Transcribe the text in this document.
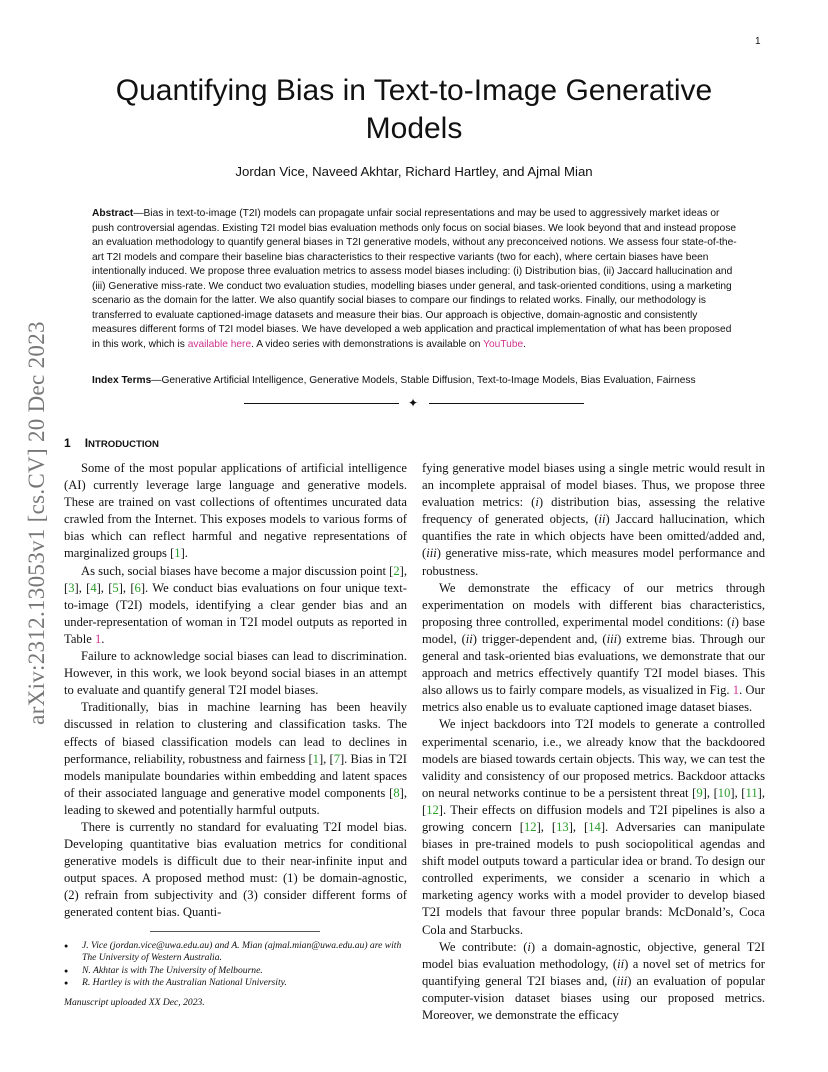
1
arXiv:2312.13053v1 [cs.CV] 20 Dec 2023
Quantifying Bias in Text-to-Image Generative Models
Jordan Vice, Naveed Akhtar, Richard Hartley, and Ajmal Mian
Abstract—Bias in text-to-image (T2I) models can propagate unfair social representations and may be used to aggressively market ideas or push controversial agendas. Existing T2I model bias evaluation methods only focus on social biases. We look beyond that and instead propose an evaluation methodology to quantify general biases in T2I generative models, without any preconceived notions. We assess four state-of-the-art T2I models and compare their baseline bias characteristics to their respective variants (two for each), where certain biases have been intentionally induced. We propose three evaluation metrics to assess model biases including: (i) Distribution bias, (ii) Jaccard hallucination and (iii) Generative miss-rate. We conduct two evaluation studies, modelling biases under general, and task-oriented conditions, using a marketing scenario as the domain for the latter. We also quantify social biases to compare our findings to related works. Finally, our methodology is transferred to evaluate captioned-image datasets and measure their bias. Our approach is objective, domain-agnostic and consistently measures different forms of T2I model biases. We have developed a web application and practical implementation of what has been proposed in this work, which is available here. A video series with demonstrations is available on YouTube.
Index Terms—Generative Artificial Intelligence, Generative Models, Stable Diffusion, Text-to-Image Models, Bias Evaluation, Fairness
✦
1 INTRODUCTION

Some of the most popular applications of artificial intelligence (AI) currently leverage large language and generative models. These are trained on vast collections of oftentimes uncurated data crawled from the Internet. This exposes models to various forms of bias which can reflect harmful and negative representations of marginalized groups [1].

As such, social biases have become a major discussion point [2], [3], [4], [5], [6]. We conduct bias evaluations on four unique text-to-image (T2I) models, identifying a clear gender bias and an under-representation of woman in T2I model outputs as reported in Table 1.

Failure to acknowledge social biases can lead to discrimination. However, in this work, we look beyond social biases in an attempt to evaluate and quantify general T2I model biases.

Traditionally, bias in machine learning has been heavily discussed in relation to clustering and classification tasks. The effects of biased classification models can lead to declines in performance, reliability, robustness and fairness [1], [7]. Bias in T2I models manipulate boundaries within embedding and latent spaces of their associated language and generative model components [8], leading to skewed and potentially harmful outputs.

There is currently no standard for evaluating T2I model bias. Developing quantitative bias evaluation metrics for conditional generative models is difficult due to their near-infinite input and output spaces. A proposed method must: (1) be domain-agnostic, (2) refrain from subjectivity and (3) consider different forms of generated content bias. Quanti-

fying generative model biases using a single metric would result in an incomplete appraisal of model biases. Thus, we propose three evaluation metrics: (i) distribution bias, assessing the relative frequency of generated objects, (ii) Jaccard hallucination, which quantifies the rate in which objects have been omitted/added and, (iii) generative miss-rate, which measures model performance and robustness.

We demonstrate the efficacy of our metrics through experimentation on models with different bias characteristics, proposing three controlled, experimental model conditions: (i) base model, (ii) trigger-dependent and, (iii) extreme bias. Through our general and task-oriented bias evaluations, we demonstrate that our approach and metrics effectively quantify T2I model biases. This also allows us to fairly compare models, as visualized in Fig. 1. Our metrics also enable us to evaluate captioned image dataset biases.

We inject backdoors into T2I models to generate a controlled experimental scenario, i.e., we already know that the backdoored models are biased towards certain objects. This way, we can test the validity and consistency of our proposed metrics. Backdoor attacks on neural networks continue to be a persistent threat [9], [10], [11], [12]. Their effects on diffusion models and T2I pipelines is also a growing concern [12], [13], [14]. Adversaries can manipulate biases in pre-trained models to push sociopolitical agendas and shift model outputs toward a particular idea or brand. To design our controlled experiments, we consider a scenario in which a marketing agency works with a model provider to develop biased T2I models that favour three popular brands: McDonald’s, Coca Cola and Starbucks.

We contribute: (i) a domain-agnostic, objective, general T2I model bias evaluation methodology, (ii) a novel set of metrics for quantifying general T2I biases and, (iii) an evaluation of popular computer-vision dataset biases using our proposed metrics. Moreover, we demonstrate the efficacy

● J. Vice (jordan.vice@uwa.edu.au) and A. Mian (ajmal.mian@uwa.edu.au) are with The University of Western Australia.
● N. Akhtar is with The University of Melbourne.
● R. Hartley is with the Australian National University.
Manuscript uploaded XX Dec, 2023.
